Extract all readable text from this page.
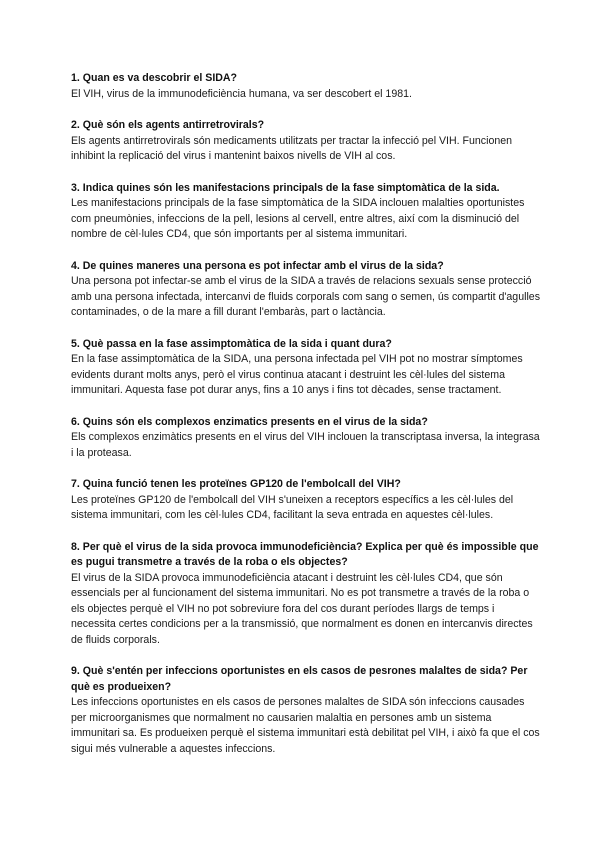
1. Quan es va descobrir el SIDA?

El VIH, virus de la immunodeficiència humana, va ser descobert el 1981.

2. Què són els agents antirretrovirals?

Els agents antirretrovirals són medicaments utilitzats per tractar la infecció pel VIH. Funcionen inhibint la replicació del virus i mantenint baixos nivells de VIH al cos.

3. Indica quines són les manifestacions principals de la fase simptomàtica de la sida.

Les manifestacions principals de la fase simptomàtica de la SIDA inclouen malalties oportunistes com pneumònies, infeccions de la pell, lesions al cervell, entre altres, així com la disminució del nombre de cèl·lules CD4, que són importants per al sistema immunitari.

4. De quines maneres una persona es pot infectar amb el virus de la sida?

Una persona pot infectar-se amb el virus de la SIDA a través de relacions sexuals sense protecció amb una persona infectada, intercanvi de fluids corporals com sang o semen, ús compartit d'agulles contaminades, o de la mare a fill durant l'embaràs, part o lactància.

5. Què passa en la fase assimptomàtica de la sida i quant dura?

En la fase assimptomàtica de la SIDA, una persona infectada pel VIH pot no mostrar símptomes evidents durant molts anys, però el virus continua atacant i destruint les cèl·lules del sistema immunitari. Aquesta fase pot durar anys, fins a 10 anys i fins tot dècades, sense tractament.

6. Quins són els complexos enzimatics presents en el virus de la sida?

Els complexos enzimàtics presents en el virus del VIH inclouen la transcriptasa inversa, la integrasa i la proteasa.

7. Quina funció tenen les proteïnes GP120 de l'embolcall del VIH?

Les proteïnes GP120 de l'embolcall del VIH s'uneixen a receptors específics a les cèl·lules del sistema immunitari, com les cèl·lules CD4, facilitant la seva entrada en aquestes cèl·lules.

8. Per què el virus de la sida provoca immunodeficiència? Explica per què és impossible que es pugui transmetre a través de la roba o els objectes?

El virus de la SIDA provoca immunodeficiència atacant i destruint les cèl·lules CD4, que són essencials per al funcionament del sistema immunitari. No es pot transmetre a través de la roba o els objectes perquè el VIH no pot sobreviure fora del cos durant períodes llargs de temps i necessita certes condicions per a la transmissió, que normalment es donen en intercanvis directes de fluids corporals.

9. Què s'entén per infeccions oportunistes en els casos de pesrones malaltes de sida? Per què es produeixen?

Les infeccions oportunistes en els casos de persones malaltes de SIDA són infeccions causades per microorganismes que normalment no causarien malaltia en persones amb un sistema immunitari sa. Es produeixen perquè el sistema immunitari està debilitat pel VIH, i això fa que el cos sigui més vulnerable a aquestes infeccions.
